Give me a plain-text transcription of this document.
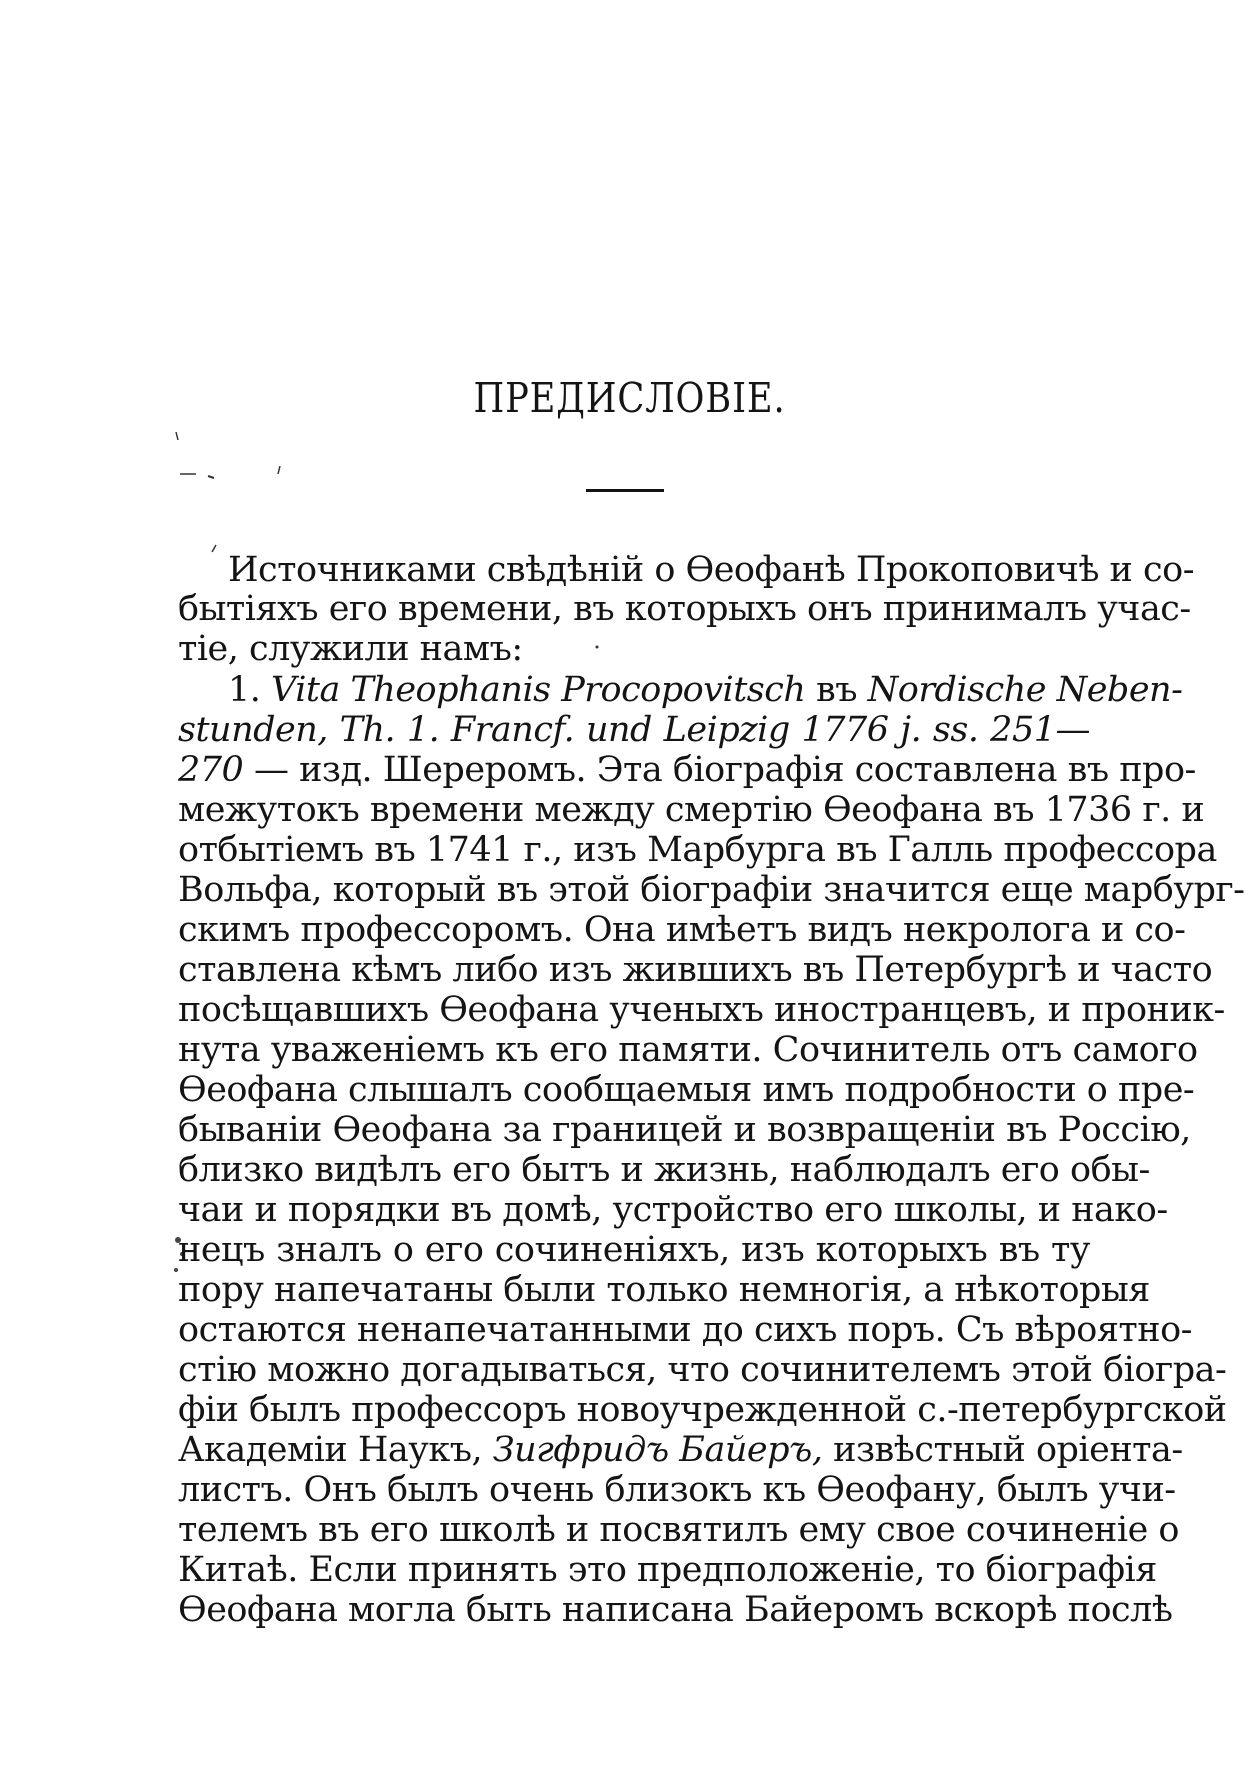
ПРЕДИСЛОВІЕ.
Источниками свѣдѣній о Ѳеофанѣ Прокоповичѣ и со-
бытіяхъ его времени, въ которыхъ онъ принималъ учас-
тіе, служили намъ:
1. Vita Theophanis Procopovitsch въ Nordische Neben-
stunden, Th. 1. Francf. und Leipzig 1776 j. ss. 251—
270 — изд. Шереромъ. Эта біографія составлена въ про-
межутокъ времени между смертію Ѳеофана въ 1736 г. и
отбытіемъ въ 1741 г., изъ Марбурга въ Галль профессора
Вольфа, который въ этой біографіи значится еще марбург-
скимъ профессоромъ. Она имѣетъ видъ некролога и со-
ставлена кѣмъ либо изъ жившихъ въ Петербургѣ и часто
посѣщавшихъ Ѳеофана ученыхъ иностранцевъ, и проник-
нута уваженіемъ къ его памяти. Сочинитель отъ самого
Ѳеофана слышалъ сообщаемыя имъ подробности о пре-
бываніи Ѳеофана за границей и возвращеніи въ Россію,
близко видѣлъ его бытъ и жизнь, наблюдалъ его обы-
чаи и порядки въ домѣ, устройство его школы, и нако-
нецъ зналъ о его сочиненіяхъ, изъ которыхъ въ ту
пору напечатаны были только немногія, а нѣкоторыя
остаются ненапечатанными до сихъ поръ. Съ вѣроятно-
стію можно догадываться, что сочинителемъ этой біогра-
фіи былъ профессоръ новоучрежденной с.-петербургской
Академіи Наукъ, Зигфридъ Байеръ, извѣстный оріента-
листъ. Онъ былъ очень близокъ къ Ѳеофану, былъ учи-
телемъ въ его школѣ и посвятилъ ему свое сочиненіе о
Китаѣ. Если принять это предположеніе, то біографія
Ѳеофана могла быть написана Байеромъ вскорѣ послѣ
